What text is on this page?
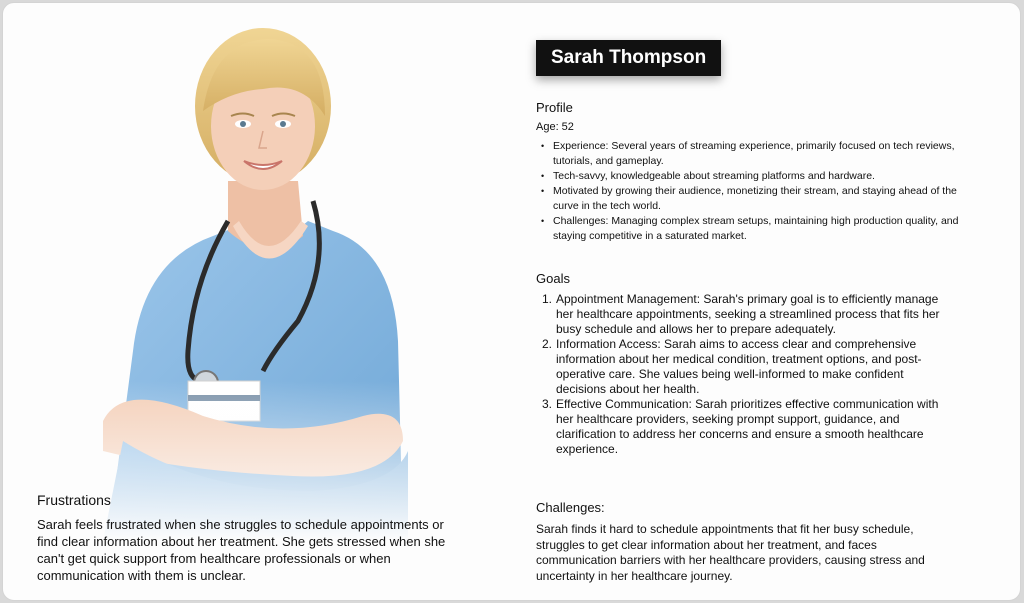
Frustrations

Sarah feels frustrated when she struggles to schedule appointments or find clear information about her treatment. She gets stressed when she can't get quick support from healthcare professionals or when communication with them is unclear.

Sarah Thompson
Profile
Age: 52
• Experience: Several years of streaming experience, primarily focused on tech reviews, tutorials, and gameplay.
• Tech-savvy, knowledgeable about streaming platforms and hardware.
• Motivated by growing their audience, monetizing their stream, and staying ahead of the curve in the tech world.
• Challenges: Managing complex stream setups, maintaining high production quality, and staying competitive in a saturated market.
Goals
1. Appointment Management: Sarah's primary goal is to efficiently manage her healthcare appointments, seeking a streamlined process that fits her busy schedule and allows her to prepare adequately.
2. Information Access: Sarah aims to access clear and comprehensive information about her medical condition, treatment options, and post-operative care. She values being well-informed to make confident decisions about her health.
3. Effective Communication: Sarah prioritizes effective communication with her healthcare providers, seeking prompt support, guidance, and clarification to address her concerns and ensure a smooth healthcare experience.
Challenges:

Sarah finds it hard to schedule appointments that fit her busy schedule, struggles to get clear information about her treatment, and faces communication barriers with her healthcare providers, causing stress and uncertainty in her healthcare journey.
